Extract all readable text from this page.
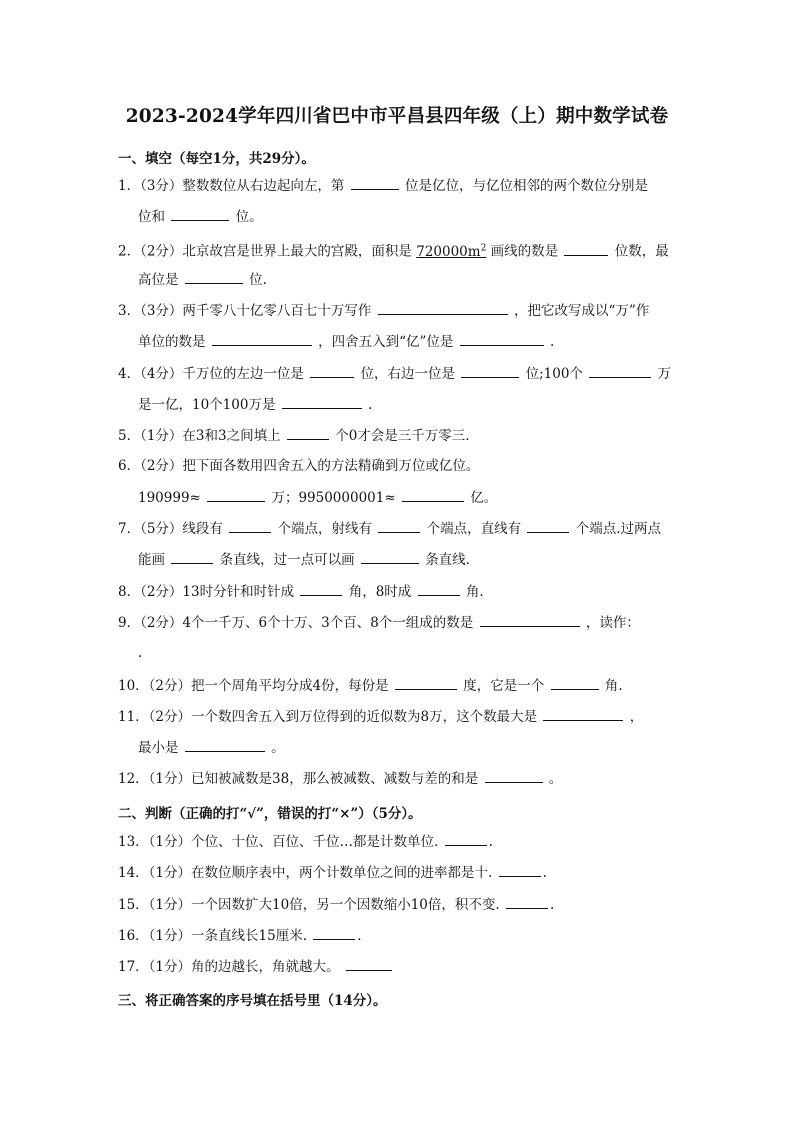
2023-2024学年四川省巴中市平昌县四年级（上）期中数学试卷
一、填空（每空1分，共29分）。
1．（3分）整数数位从右边起向左，第	位是亿位，与亿位相邻的两个数位分别是
位和	位。
2．（2分）北京故宫是世界上最大的宫殿，面积是 $720000m^2$ 画线的数是	位数，最
高位是	位.
3．（3分）两千零八十亿零八百七十万写作	，把它改写成以“万”作
单位的数是	，四舍五入到“亿”位是	.
4．（4分）千万位的左边一位是	位，右边一位是	位;100个	万
是一亿，10个100万是	.
5．（1分）在3和3之间填上	个0才会是三千万零三.
6．（2分）把下面各数用四舍五入的方法精确到万位或亿位。
190999≈	万；9950000001≈	亿。
7．（5分）线段有	个端点，射线有	个端点，直线有	个端点.过两点
能画	条直线，过一点可以画	条直线.
8．（2分）13时分针和时针成	角，8时成	角.
9．（2分）4个一千万、6个十万、3个百、8个一组成的数是	，读作：
.
10．（2分）把一个周角平均分成4份，每份是	度，它是一个	角.
11．（2分）一个数四舍五入到万位得到的近似数为8万，这个数最大是	，
最小是	。
12．（1分）已知被减数是38，那么被减数、减数与差的和是	。
二、判断（正确的打“√”，错误的打“×”）（5分）。
13．（1分）个位、十位、百位、千位…都是计数单位.	.
14．（1分）在数位顺序表中，两个计数单位之间的进率都是十.	.
15．（1分）一个因数扩大10倍，另一个因数缩小10倍，积不变.	.
16．（1分）一条直线长15厘米.	.
17．（1分）角的边越长，角就越大。
三、将正确答案的序号填在括号里（14分）。
